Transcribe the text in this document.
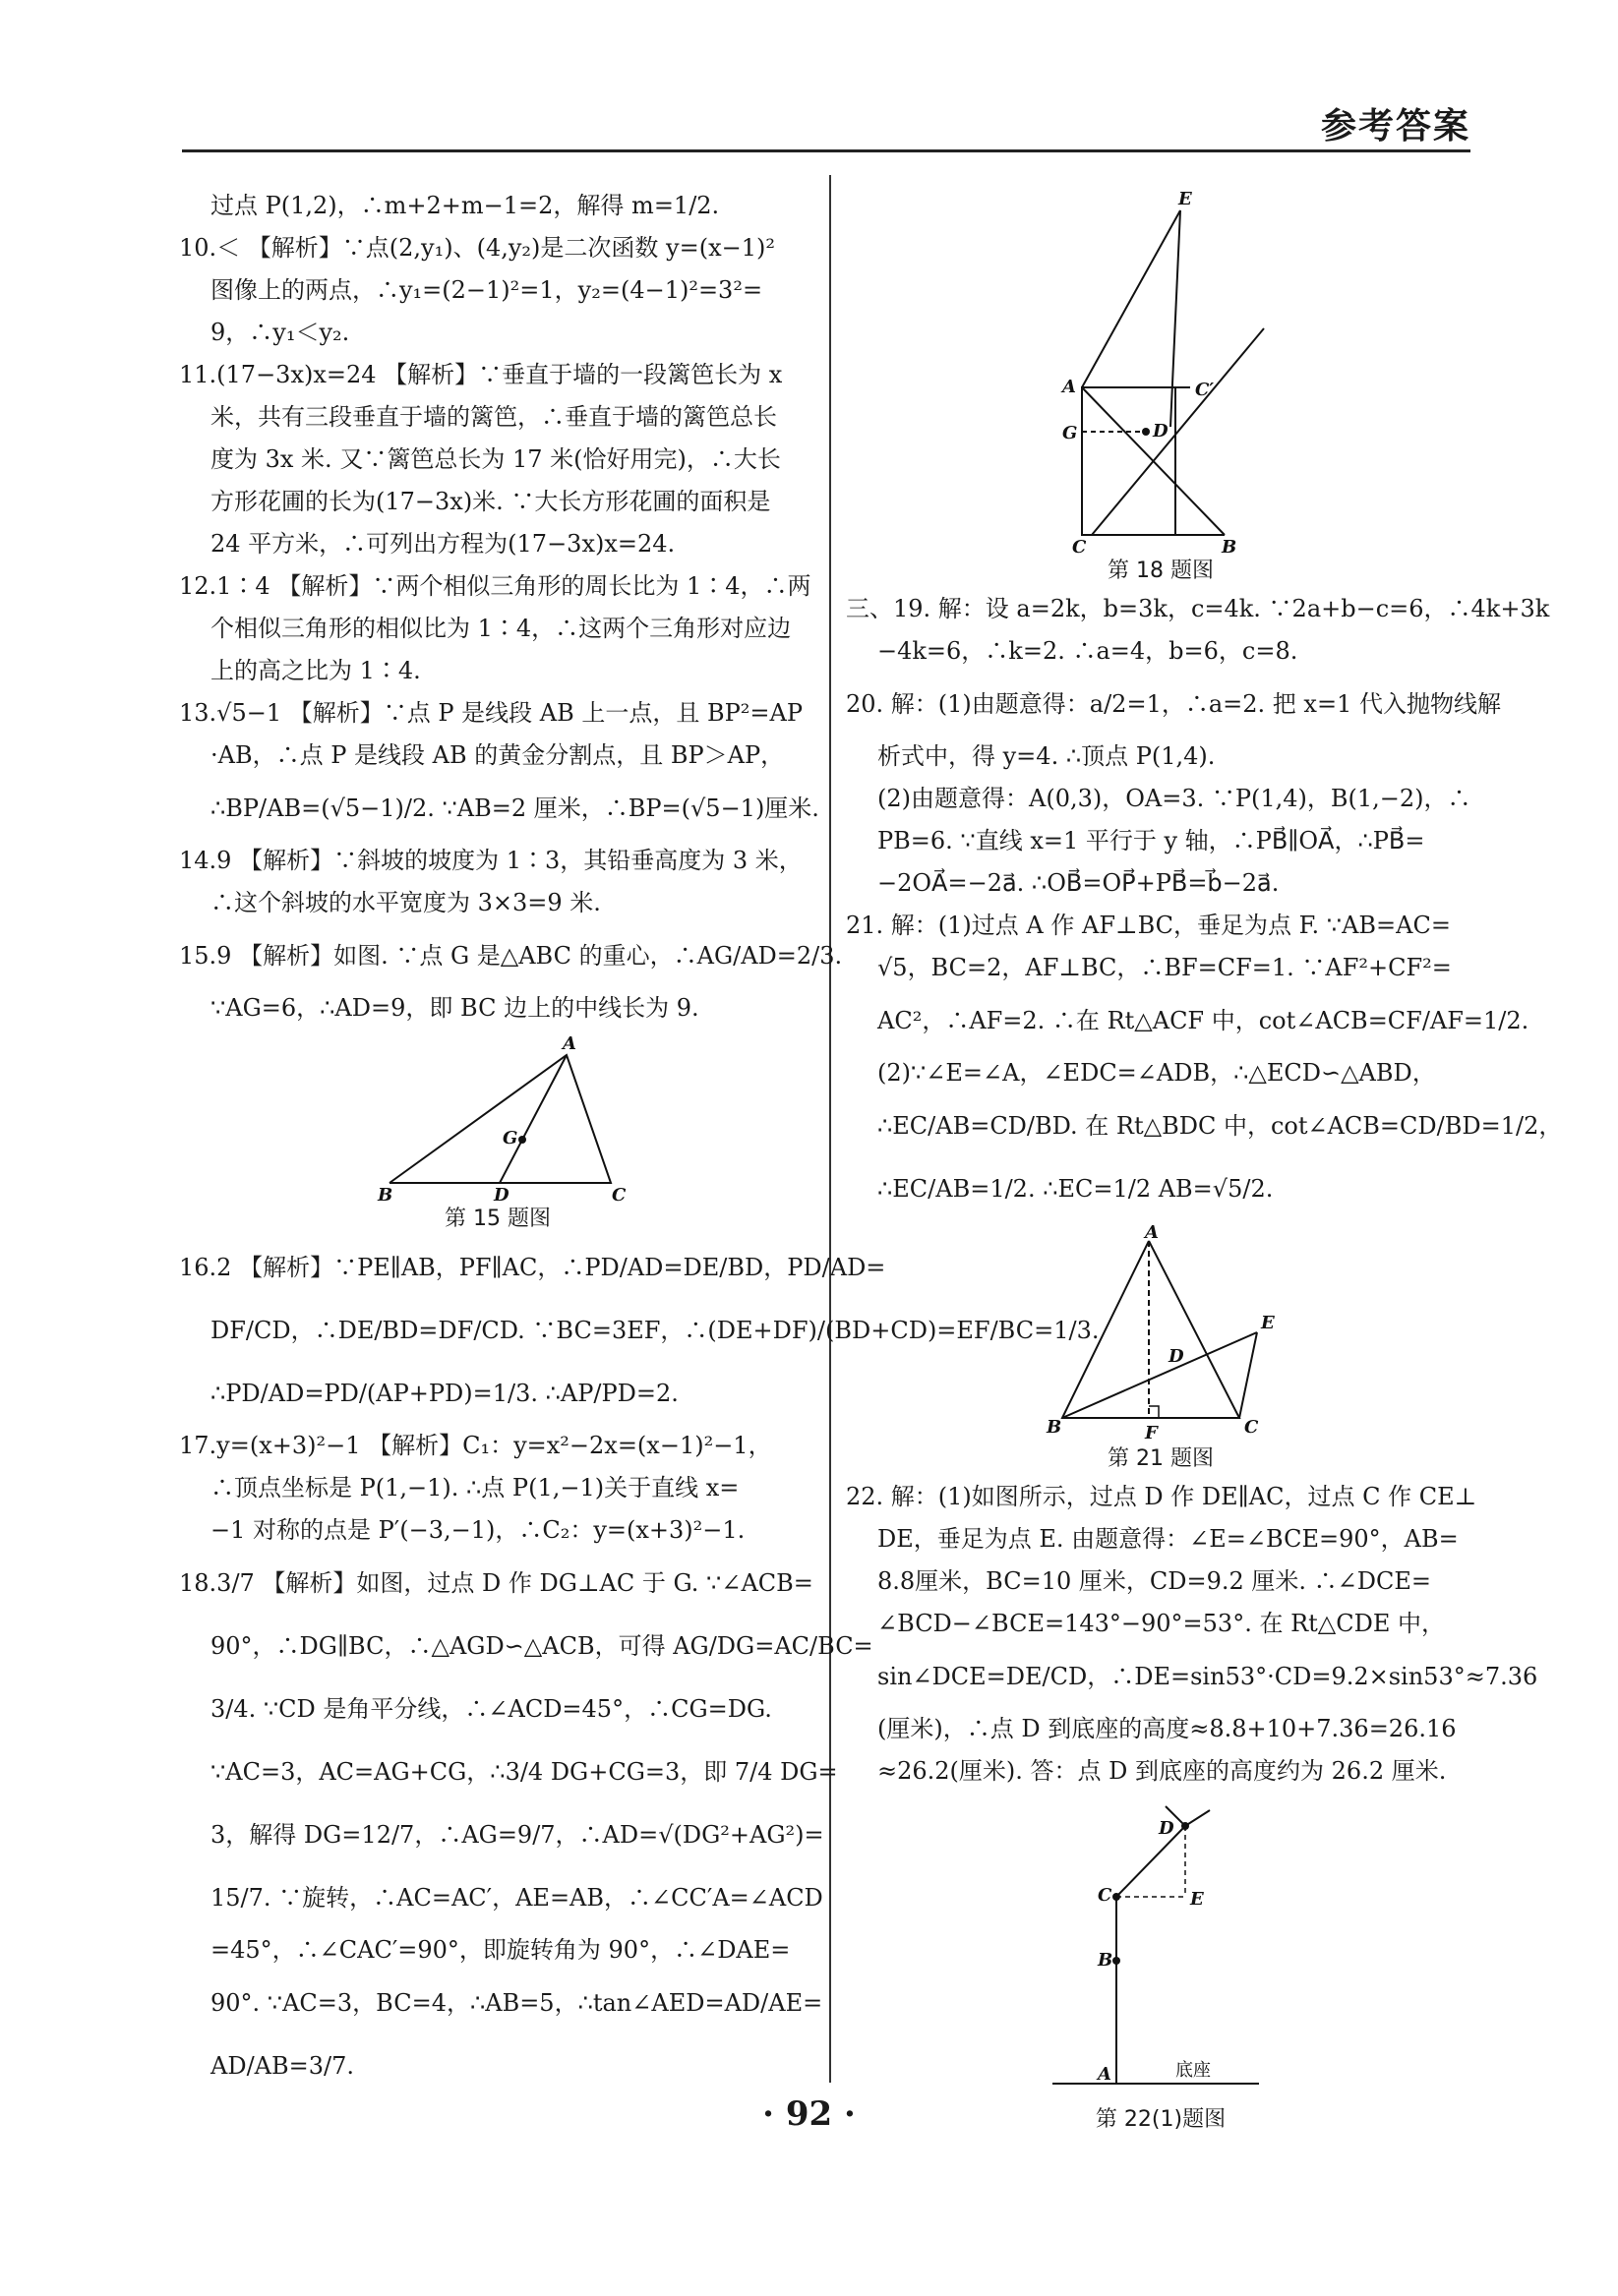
参考答案
过点 P(1,2)，∴m+2+m−1=2，解得 m=1/2.
10.＜ 【解析】∵点(2,y₁)、(4,y₂)是二次函数 y=(x−1)²
图像上的两点，∴y₁=(2−1)²=1，y₂=(4−1)²=3²=
9，∴y₁＜y₂.
11.(17−3x)x=24 【解析】∵垂直于墙的一段篱笆长为 x
米，共有三段垂直于墙的篱笆，∴垂直于墙的篱笆总长
度为 3x 米. 又∵篱笆总长为 17 米(恰好用完)，∴大长
方形花圃的长为(17−3x)米. ∵大长方形花圃的面积是
24 平方米，∴可列出方程为(17−3x)x=24.
12.1∶4 【解析】∵两个相似三角形的周长比为 1∶4，∴两
个相似三角形的相似比为 1∶4，∴这两个三角形对应边
上的高之比为 1∶4.
13.√5−1 【解析】∵点 P 是线段 AB 上一点，且 BP²=AP
·AB，∴点 P 是线段 AB 的黄金分割点，且 BP＞AP，
∴BP/AB=(√5−1)/2. ∵AB=2 厘米，∴BP=(√5−1)厘米.
14.9 【解析】∵斜坡的坡度为 1∶3，其铅垂高度为 3 米，
∴这个斜坡的水平宽度为 3×3=9 米.
15.9 【解析】如图. ∵点 G 是△ABC 的重心，∴AG/AD=2/3.
∵AG=6，∴AD=9，即 BC 边上的中线长为 9.
A
B	D	C
G
第 15 题图
16.2 【解析】∵PE∥AB，PF∥AC，∴PD/AD=DE/BD，PD/AD=
DF/CD，∴DE/BD=DF/CD. ∵BC=3EF，∴(DE+DF)/(BD+CD)=EF/BC=1/3.
∴PD/AD=PD/(AP+PD)=1/3. ∴AP/PD=2.
17.y=(x+3)²−1 【解析】C₁：y=x²−2x=(x−1)²−1，
∴顶点坐标是 P(1,−1). ∴点 P(1,−1)关于直线 x=
−1 对称的点是 P′(−3,−1)，∴C₂：y=(x+3)²−1.
18.3/7 【解析】如图，过点 D 作 DG⊥AC 于 G. ∵∠ACB=
90°，∴DG∥BC，∴△AGD∽△ACB，可得 AG/DG=AC/BC=
3/4. ∵CD 是角平分线，∴∠ACD=45°，∴CG=DG.
∵AC=3，AC=AG+CG，∴3/4 DG+CG=3，即 7/4 DG=
3，解得 DG=12/7，∴AG=9/7，∴AD=√(DG²+AG²)=
15/7. ∵旋转，∴AC=AC′，AE=AB，∴∠CC′A=∠ACD
=45°，∴∠CAC′=90°，即旋转角为 90°，∴∠DAE=
90°. ∵AC=3，BC=4，∴AB=5，∴tan∠AED=AD/AE=
AD/AB=3/7.
E
A	C′
G	D
C	B
第 18 题图
三、19. 解：设 a=2k，b=3k，c=4k. ∵2a+b−c=6，∴4k+3k
−4k=6，∴k=2. ∴a=4，b=6，c=8.
20. 解：(1)由题意得：a/2=1，∴a=2. 把 x=1 代入抛物线解
析式中，得 y=4. ∴顶点 P(1,4).
(2)由题意得：A(0,3)，OA=3. ∵P(1,4)，B(1,−2)，∴
PB=6. ∵直线 x=1 平行于 y 轴，∴PB⃗∥OA⃗，∴PB⃗=
−2OA⃗=−2a⃗. ∴OB⃗=OP⃗+PB⃗=b⃗−2a⃗.
21. 解：(1)过点 A 作 AF⊥BC，垂足为点 F. ∵AB=AC=
√5，BC=2，AF⊥BC，∴BF=CF=1. ∵AF²+CF²=
AC²，∴AF=2. ∴在 Rt△ACF 中，cot∠ACB=CF/AF=1/2.
(2)∵∠E=∠A，∠EDC=∠ADB，∴△ECD∽△ABD，
∴EC/AB=CD/BD. 在 Rt△BDC 中，cot∠ACB=CD/BD=1/2，
∴EC/AB=1/2. ∴EC=1/2 AB=√5/2.
A
B	C
D
E
F
第 21 题图
22. 解：(1)如图所示，过点 D 作 DE∥AC，过点 C 作 CE⊥
DE，垂足为点 E. 由题意得：∠E=∠BCE=90°，AB=
8.8厘米，BC=10 厘米，CD=9.2 厘米. ∴∠DCE=
∠BCD−∠BCE=143°−90°=53°. 在 Rt△CDE 中，
sin∠DCE=DE/CD，∴DE=sin53°·CD=9.2×sin53°≈7.36
(厘米)，∴点 D 到底座的高度≈8.8+10+7.36=26.16
≈26.2(厘米). 答：点 D 到底座的高度约为 26.2 厘米.
D
C	E
B
A	底座
第 22(1)题图
· 92 ·
